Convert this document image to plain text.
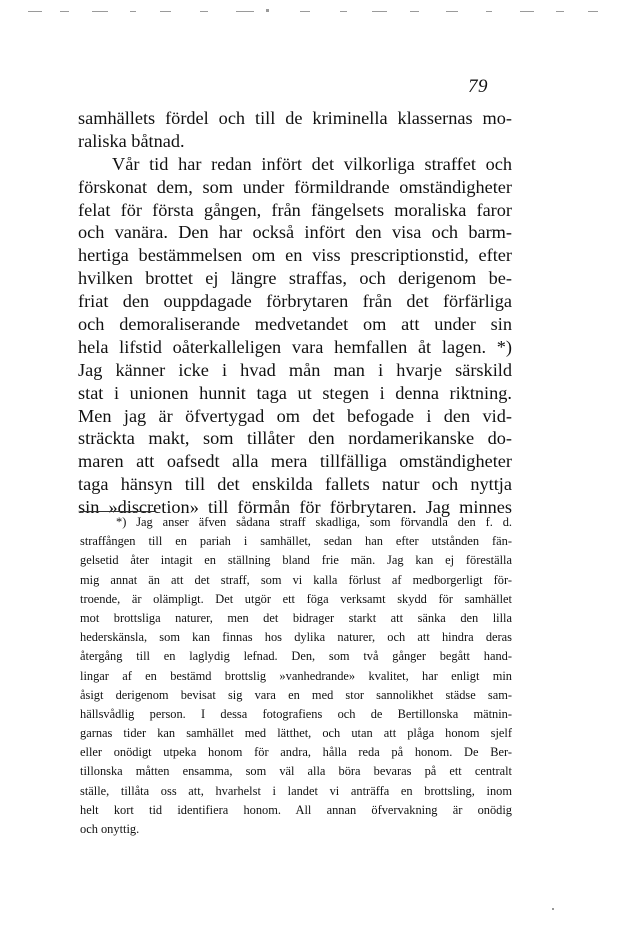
79
samhällets fördel och till de kriminella klassernas mo-
raliska båtnad.
Vår tid har redan infört det vilkorliga straffet och
förskonat dem, som under förmildrande omständigheter
felat för första gången, från fängelsets moraliska faror
och vanära. Den har också infört den visa och barm-
hertiga bestämmelsen om en viss prescriptionstid, efter
hvilken brottet ej längre straffas, och derigenom be-
friat den ouppdagade förbrytaren från det förfärliga
och demoraliserande medvetandet om att under sin
hela lifstid oåterkalleligen vara hemfallen åt lagen. *)
Jag känner icke i hvad mån man i hvarje särskild
stat i unionen hunnit taga ut stegen i denna riktning.
Men jag är öfvertygad om det befogade i den vid-
sträckta makt, som tillåter den nordamerikanske do-
maren att oafsedt alla mera tillfälliga omständigheter
taga hänsyn till det enskilda fallets natur och nyttja
sin »discretion» till förmån för förbrytaren. Jag minnes
*) Jag anser äfven sådana straff skadliga, som förvandla den f. d.
straffången till en pariah i samhället, sedan han efter utstånden fän-
gelsetid åter intagit en ställning bland frie män. Jag kan ej föreställa
mig annat än att det straff, som vi kalla förlust af medborgerligt för-
troende, är olämpligt. Det utgör ett föga verksamt skydd för samhället
mot brottsliga naturer, men det bidrager starkt att sänka den lilla
hederskänsla, som kan finnas hos dylika naturer, och att hindra deras
återgång till en laglydig lefnad. Den, som två gånger begått hand-
lingar af en bestämd brottslig »vanhedrande» kvalitet, har enligt min
åsigt derigenom bevisat sig vara en med stor sannolikhet städse sam-
hällsvådlig person. I dessa fotografiens och de Bertillonska mätnin-
garnas tider kan samhället med lätthet, och utan att plåga honom sjelf
eller onödigt utpeka honom för andra, hålla reda på honom. De Ber-
tillonska måtten ensamma, som väl alla böra bevaras på ett centralt
ställe, tillåta oss att, hvarhelst i landet vi anträffa en brottsling, inom
helt kort tid identifiera honom. All annan öfvervakning är onödig
och onyttig.
